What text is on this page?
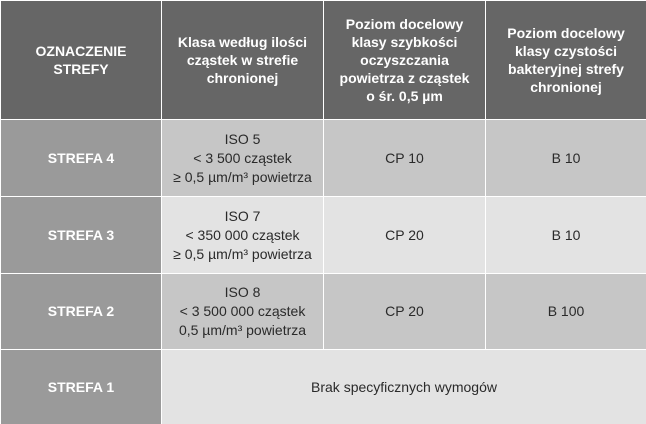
OZNACZENIE
STREFY	Klasa według ilości
cząstek w strefie
chronionej	Poziom docelowy
klasy szybkości
oczyszczania
powietrza z cząstek
o śr. 0,5 µm	Poziom docelowy
klasy czystości
bakteryjnej strefy
chronionej

STREFA 4	ISO 5
< 3 500 cząstek
≥ 0,5 µm/m³ powietrza	CP 10	B 10
STREFA 3	ISO 7
< 350 000 cząstek
≥ 0,5 µm/m³ powietrza	CP 20	B 10
STREFA 2	ISO 8
< 3 500 000 cząstek
0,5 µm/m³ powietrza	CP 20	B 100
STREFA 1	Brak specyficznych wymogów		
